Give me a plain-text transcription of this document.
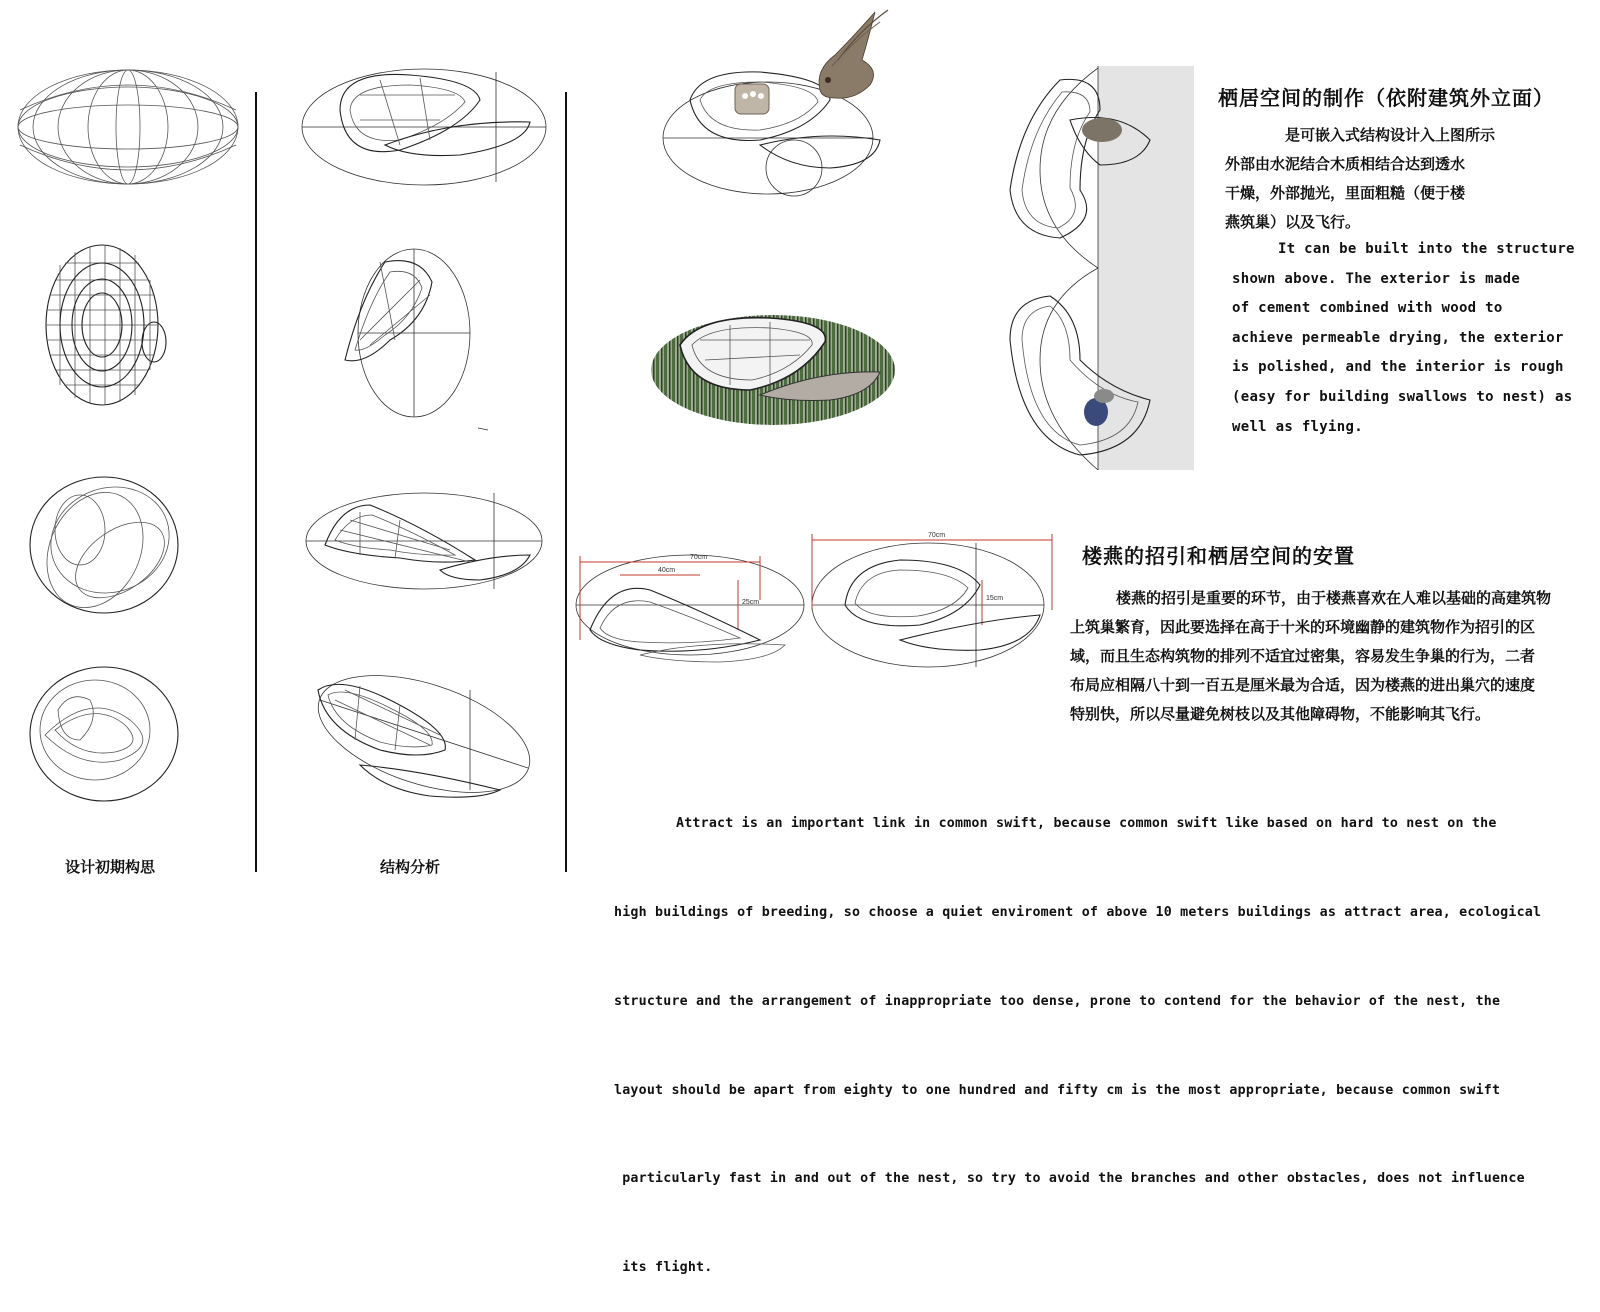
设计初期构思	结构分析
栖居空间的制作（依附建筑外立面）
是可嵌入式结构设计入上图所示
外部由水泥结合木质相结合达到透水
干燥，外部抛光，里面粗糙（便于楼
燕筑巢）以及飞行。
It can be built into the structure
shown above. The exterior is made
of cement combined with wood to
achieve permeable drying, the exterior
is polished, and the interior is rough
(easy for building swallows to nest) as
well as flying.
70cm
40cm
25cm
70cm
15cm
楼燕的招引和栖居空间的安置
楼燕的招引是重要的环节，由于楼燕喜欢在人难以基础的高建筑物
上筑巢繁育，因此要选择在高于十米的环境幽静的建筑物作为招引的区
域，而且生态构筑物的排列不适宜过密集，容易发生争巢的行为，二者
布局应相隔八十到一百五是厘米最为合适，因为楼燕的进出巢穴的速度
特别快，所以尽量避免树枝以及其他障碍物，不能影响其飞行。

Attract is an important link in common swift, because common swift like based on hard to nest on the

high buildings of breeding, so choose a quiet enviroment of above 10 meters buildings as attract area, ecological

structure and the arrangement of inappropriate too dense, prone to contend for the behavior of the nest, the

layout should be apart from eighty to one hundred and fifty cm is the most appropriate, because common swift

particularly fast in and out of the nest, so try to avoid the branches and other obstacles, does not influence

its flight.
